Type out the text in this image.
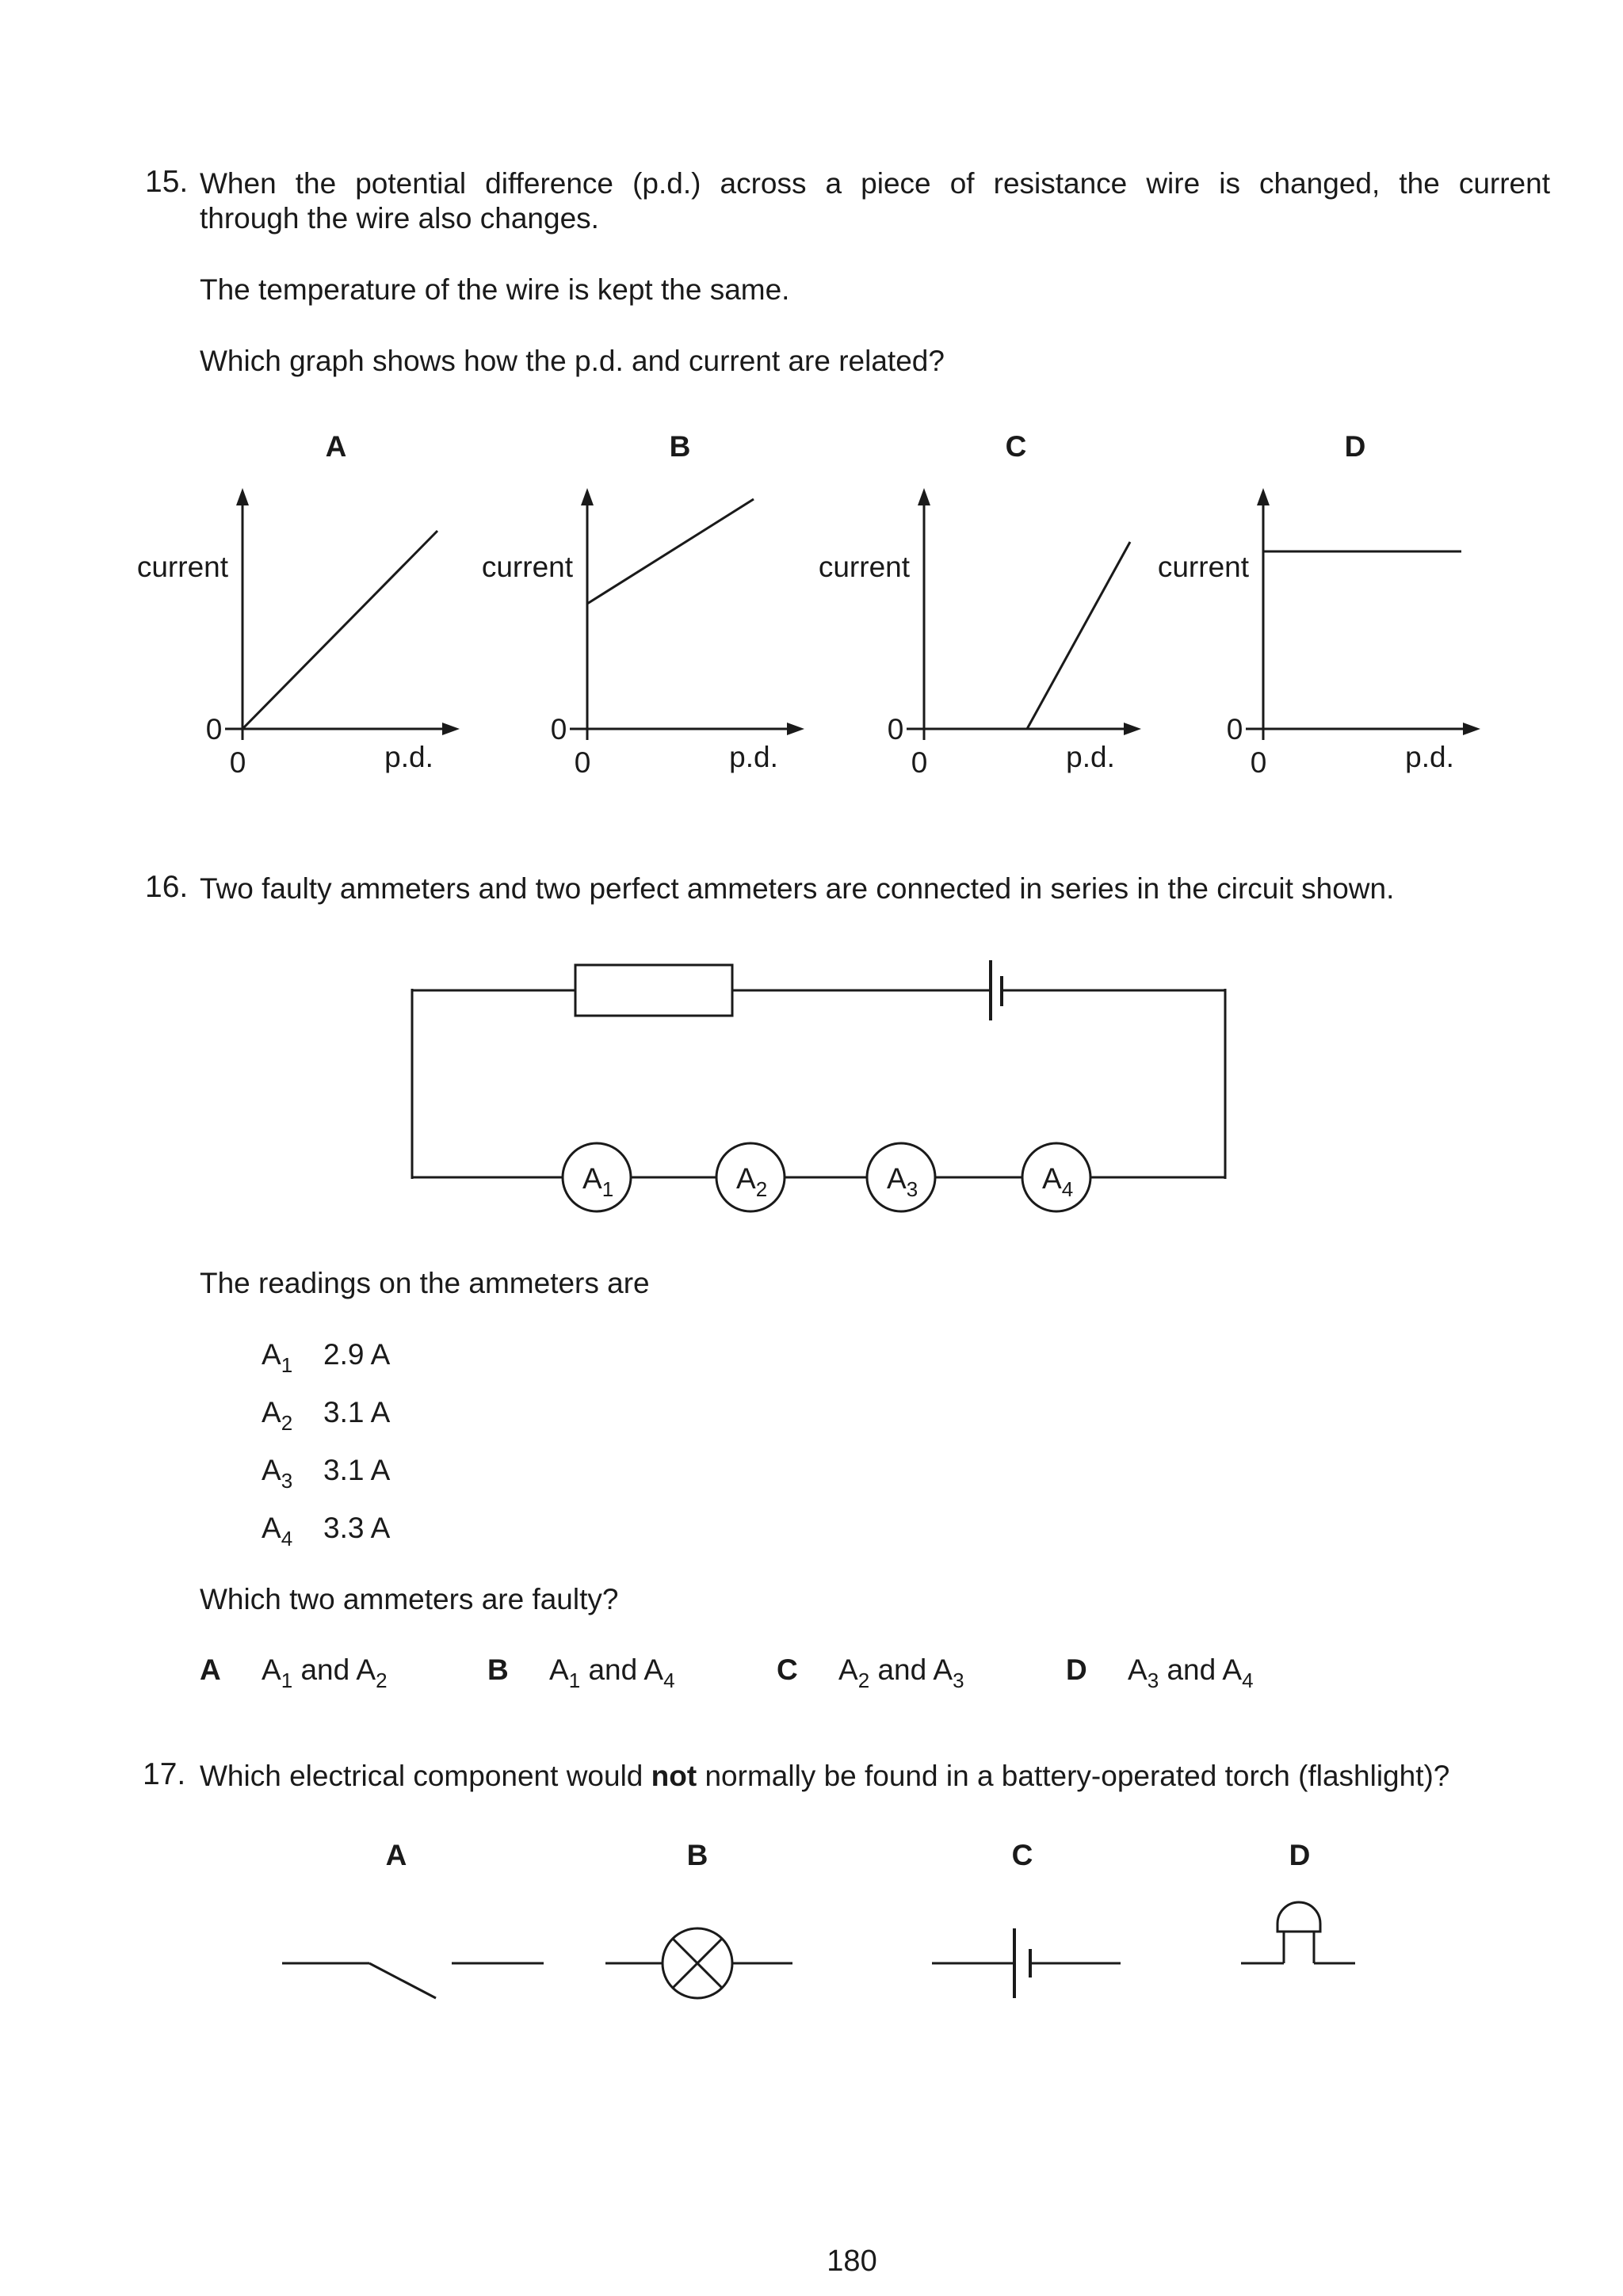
15. When the potential difference (p.d.) across a piece of resistance wire is changed, the current
through the wire also changes.
The temperature of the wire is kept the same.
Which graph shows how the p.d. and current are related?
A
current
0
0	p.d.
B
current
0
0	p.d.
C
current
0
0	p.d.
D
current
0
0	p.d.
16. Two faulty ammeters and two perfect ammeters are connected in series in the circuit shown.
$A_1$	$A_2$	$A_3$	$A_4$
The readings on the ammeters are
$A_1$ 2.9 A
$A_2$ 3.1 A
$A_3$ 3.1 A
$A_4$ 3.3 A
Which two ammeters are faulty?
A $A_1$ and $A_2$	B $A_1$ and $A_4$	C $A_2$ and $A_3$	D $A_3$ and $A_4$
17. Which electrical component would not normally be found in a battery-operated torch (flashlight)?
A	B	C	D
180
